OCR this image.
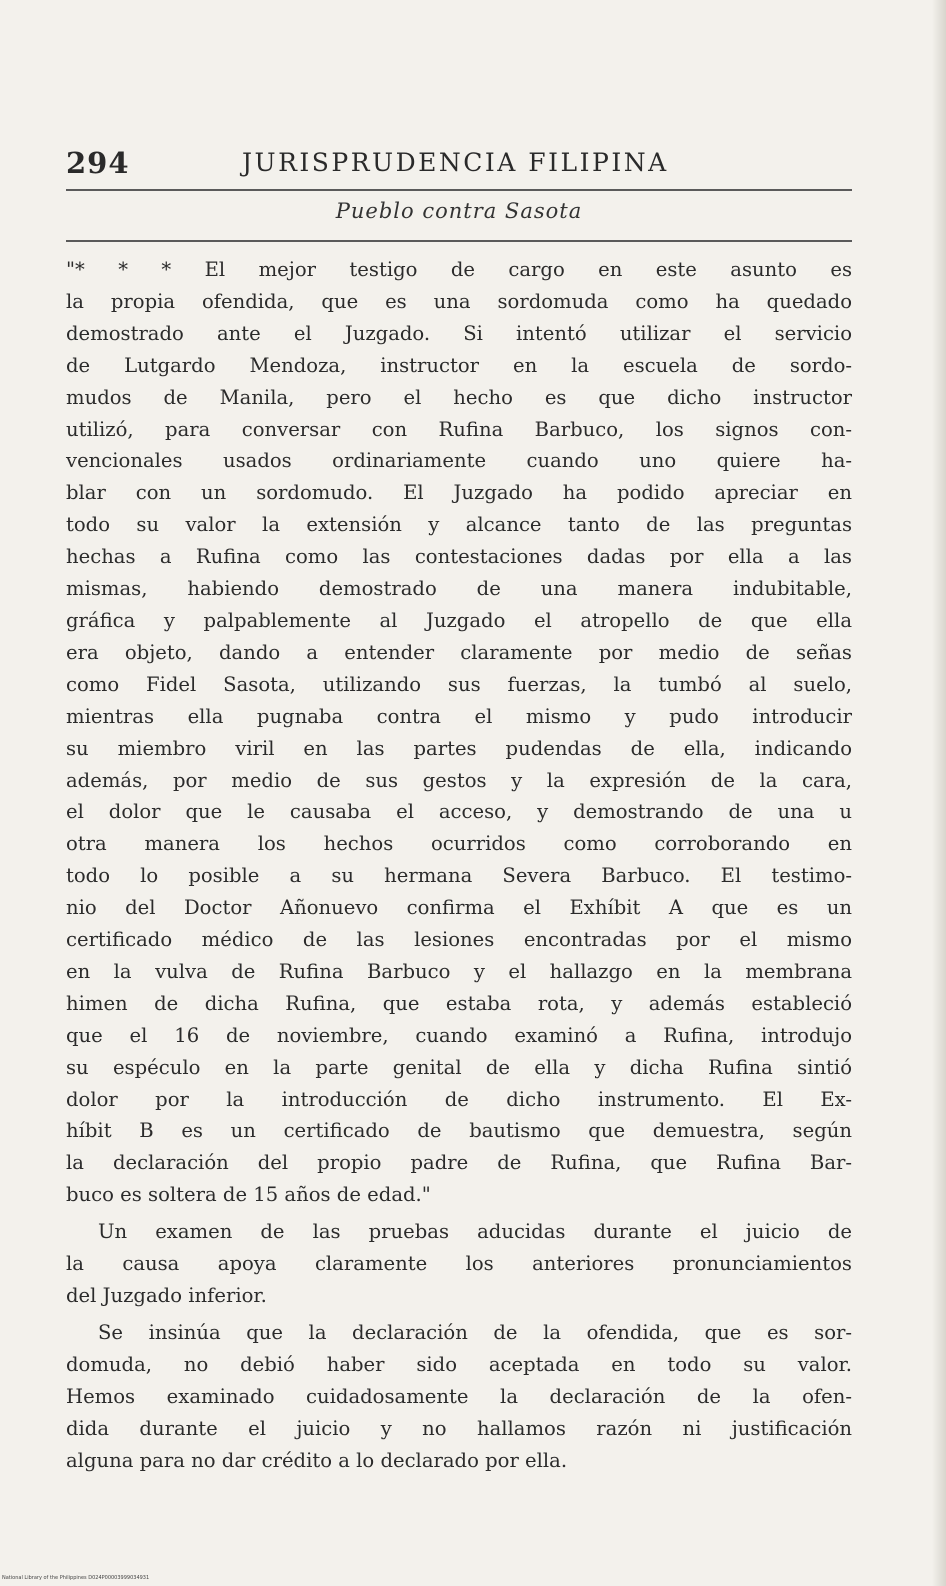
294	JURISPRUDENCIA FILIPINA
Pueblo contra Sasota
"* * * El mejor testigo de cargo en este asunto es
la propia ofendida, que es una sordomuda como ha quedado
demostrado ante el Juzgado. Si intentó utilizar el servicio
de Lutgardo Mendoza, instructor en la escuela de sordo-
mudos de Manila, pero el hecho es que dicho instructor
utilizó, para conversar con Rufina Barbuco, los signos con-
vencionales usados ordinariamente cuando uno quiere ha-
blar con un sordomudo. El Juzgado ha podido apreciar en
todo su valor la extensión y alcance tanto de las preguntas
hechas a Rufina como las contestaciones dadas por ella a las
mismas, habiendo demostrado de una manera indubitable,
gráfica y palpablemente al Juzgado el atropello de que ella
era objeto, dando a entender claramente por medio de señas
como Fidel Sasota, utilizando sus fuerzas, la tumbó al suelo,
mientras ella pugnaba contra el mismo y pudo introducir
su miembro viril en las partes pudendas de ella, indicando
además, por medio de sus gestos y la expresión de la cara,
el dolor que le causaba el acceso, y demostrando de una u
otra manera los hechos ocurridos como corroborando en
todo lo posible a su hermana Severa Barbuco. El testimo-
nio del Doctor Añonuevo confirma el Exhíbit A que es un
certificado médico de las lesiones encontradas por el mismo
en la vulva de Rufina Barbuco y el hallazgo en la membrana
himen de dicha Rufina, que estaba rota, y además estableció
que el 16 de noviembre, cuando examinó a Rufina, introdujo
su espéculo en la parte genital de ella y dicha Rufina sintió
dolor por la introducción de dicho instrumento. El Ex-
híbit B es un certificado de bautismo que demuestra, según
la declaración del propio padre de Rufina, que Rufina Bar-
buco es soltera de 15 años de edad."
Un examen de las pruebas aducidas durante el juicio de
la causa apoya claramente los anteriores pronunciamientos
del Juzgado inferior.
Se insinúa que la declaración de la ofendida, que es sor-
domuda, no debió haber sido aceptada en todo su valor.
Hemos examinado cuidadosamente la declaración de la ofen-
dida durante el juicio y no hallamos razón ni justificación
alguna para no dar crédito a lo declarado por ella.
National Library of the Philippines D024P00003999034931
